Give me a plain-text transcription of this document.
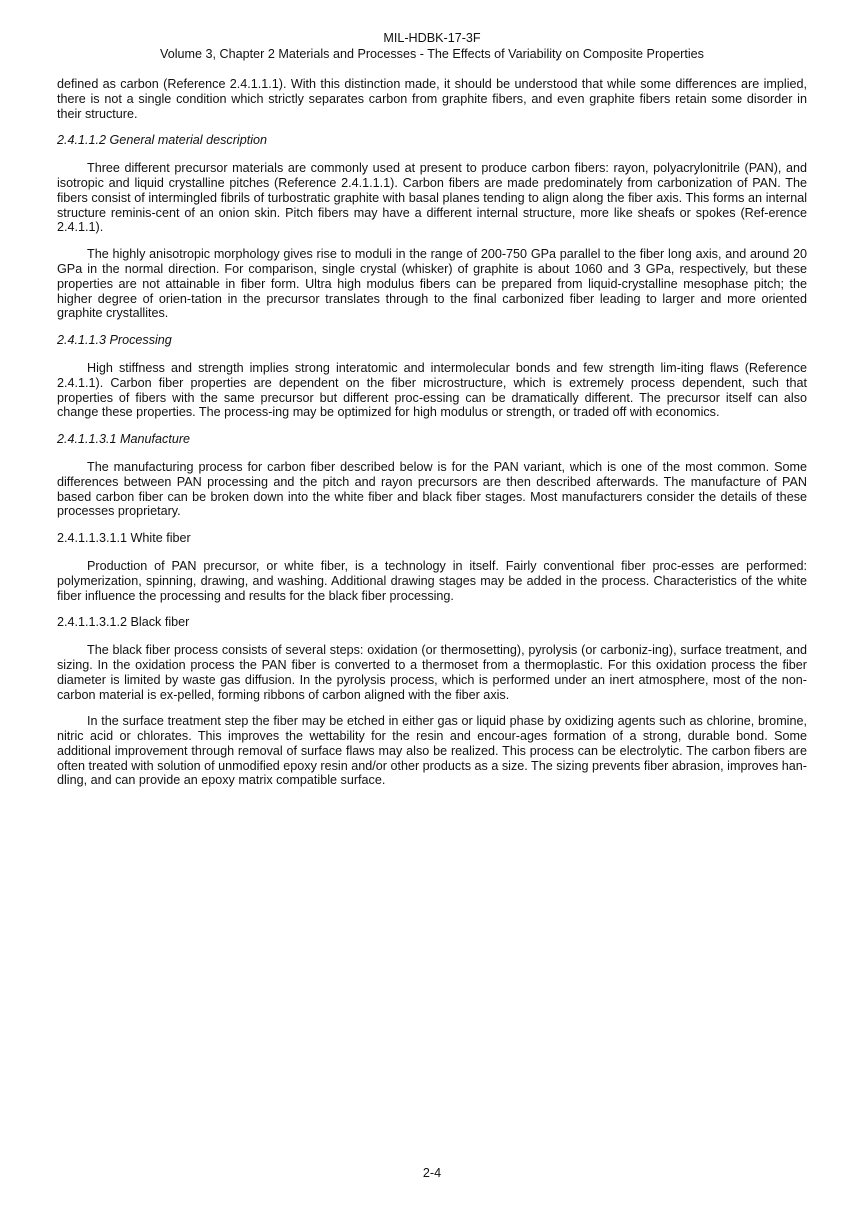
MIL-HDBK-17-3F
Volume 3, Chapter 2 Materials and Processes - The Effects of Variability on Composite Properties

defined as carbon (Reference 2.4.1.1.1). With this distinction made, it should be understood that while some differences are implied, there is not a single condition which strictly separates carbon from graphite fibers, and even graphite fibers retain some disorder in their structure.

2.4.1.1.2 General material description

Three different precursor materials are commonly used at present to produce carbon fibers: rayon, polyacrylonitrile (PAN), and isotropic and liquid crystalline pitches (Reference 2.4.1.1.1). Carbon fibers are made predominately from carbonization of PAN. The fibers consist of intermingled fibrils of turbostratic graphite with basal planes tending to align along the fiber axis. This forms an internal structure reminis-cent of an onion skin. Pitch fibers may have a different internal structure, more like sheafs or spokes (Ref-erence 2.4.1.1).

The highly anisotropic morphology gives rise to moduli in the range of 200-750 GPa parallel to the fiber long axis, and around 20 GPa in the normal direction. For comparison, single crystal (whisker) of graphite is about 1060 and 3 GPa, respectively, but these properties are not attainable in fiber form. Ultra high modulus fibers can be prepared from liquid-crystalline mesophase pitch; the higher degree of orien-tation in the precursor translates through to the final carbonized fiber leading to larger and more oriented graphite crystallites.

2.4.1.1.3 Processing

High stiffness and strength implies strong interatomic and intermolecular bonds and few strength lim-iting flaws (Reference 2.4.1.1). Carbon fiber properties are dependent on the fiber microstructure, which is extremely process dependent, such that properties of fibers with the same precursor but different proc-essing can be dramatically different. The precursor itself can also change these properties. The process-ing may be optimized for high modulus or strength, or traded off with economics.

2.4.1.1.3.1 Manufacture

The manufacturing process for carbon fiber described below is for the PAN variant, which is one of the most common. Some differences between PAN processing and the pitch and rayon precursors are then described afterwards. The manufacture of PAN based carbon fiber can be broken down into the white fiber and black fiber stages. Most manufacturers consider the details of these processes proprietary.

2.4.1.1.3.1.1 White fiber

Production of PAN precursor, or white fiber, is a technology in itself. Fairly conventional fiber proc-esses are performed: polymerization, spinning, drawing, and washing. Additional drawing stages may be added in the process. Characteristics of the white fiber influence the processing and results for the black fiber processing.

2.4.1.1.3.1.2 Black fiber

The black fiber process consists of several steps: oxidation (or thermosetting), pyrolysis (or carboniz-ing), surface treatment, and sizing. In the oxidation process the PAN fiber is converted to a thermoset from a thermoplastic. For this oxidation process the fiber diameter is limited by waste gas diffusion. In the pyrolysis process, which is performed under an inert atmosphere, most of the non-carbon material is ex-pelled, forming ribbons of carbon aligned with the fiber axis.

In the surface treatment step the fiber may be etched in either gas or liquid phase by oxidizing agents such as chlorine, bromine, nitric acid or chlorates. This improves the wettability for the resin and encour-ages formation of a strong, durable bond. Some additional improvement through removal of surface flaws may also be realized. This process can be electrolytic. The carbon fibers are often treated with solution of unmodified epoxy resin and/or other products as a size. The sizing prevents fiber abrasion, improves han-dling, and can provide an epoxy matrix compatible surface.

2-4
